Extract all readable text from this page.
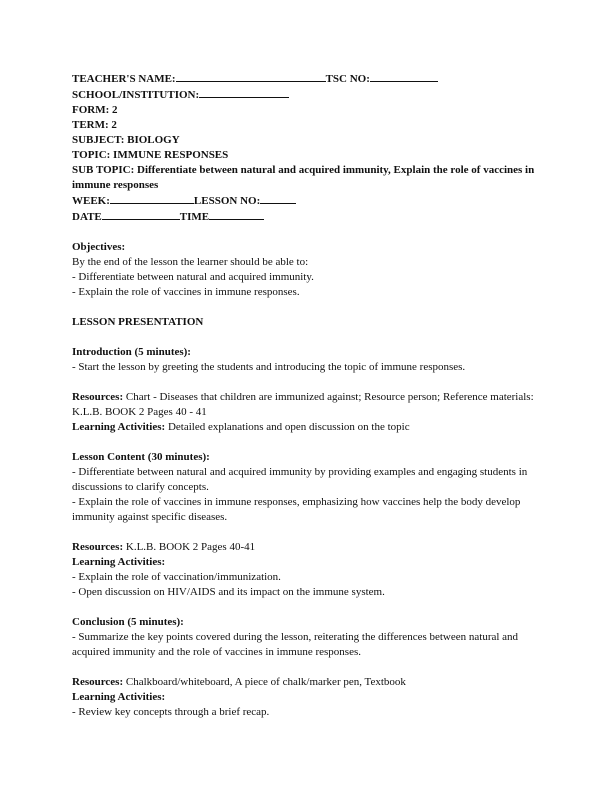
TEACHER'S NAME:	TSC NO:
SCHOOL/INSTITUTION:
FORM: 2
TERM: 2
SUBJECT: BIOLOGY
TOPIC: IMMUNE RESPONSES
SUB TOPIC: Differentiate between natural and acquired immunity, Explain the role of vaccines in immune responses
WEEK:	LESSON NO:
DATE	TIME
Objectives:
By the end of the lesson the learner should be able to:
- Differentiate between natural and acquired immunity.
- Explain the role of vaccines in immune responses.
LESSON PRESENTATION
Introduction (5 minutes):
- Start the lesson by greeting the students and introducing the topic of immune responses.
Resources: Chart - Diseases that children are immunized against; Resource person; Reference materials: K.L.B. BOOK 2 Pages 40 - 41
Learning Activities: Detailed explanations and open discussion on the topic
Lesson Content (30 minutes):
- Differentiate between natural and acquired immunity by providing examples and engaging students in discussions to clarify concepts.
- Explain the role of vaccines in immune responses, emphasizing how vaccines help the body develop immunity against specific diseases.
Resources: K.L.B. BOOK 2 Pages 40-41
Learning Activities:
- Explain the role of vaccination/immunization.
- Open discussion on HIV/AIDS and its impact on the immune system.
Conclusion (5 minutes):
- Summarize the key points covered during the lesson, reiterating the differences between natural and acquired immunity and the role of vaccines in immune responses.
Resources: Chalkboard/whiteboard, A piece of chalk/marker pen, Textbook
Learning Activities:
- Review key concepts through a brief recap.
